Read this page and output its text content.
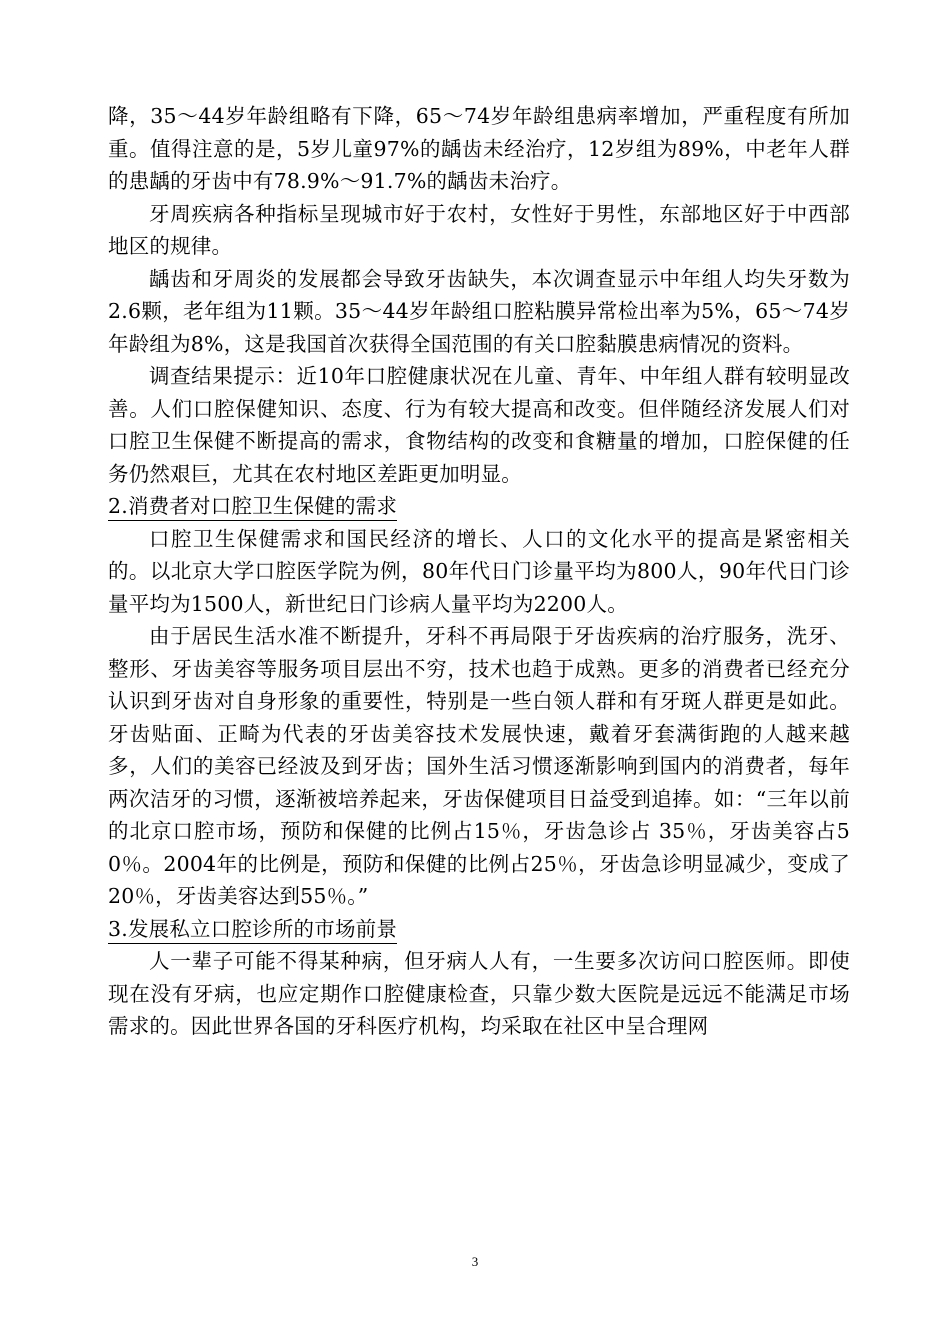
降，35～44岁年龄组略有下降，65～74岁年龄组患病率增加，严重程度有所加重。值得注意的是，5岁儿童97%的龋齿未经治疗，12岁组为89%，中老年人群的患龋的牙齿中有78.9%～91.7%的龋齿未治疗。

牙周疾病各种指标呈现城市好于农村，女性好于男性，东部地区好于中西部地区的规律。

龋齿和牙周炎的发展都会导致牙齿缺失，本次调查显示中年组人均失牙数为2.6颗，老年组为11颗。35～44岁年龄组口腔粘膜异常检出率为5%，65～74岁年龄组为8%，这是我国首次获得全国范围的有关口腔黏膜患病情况的资料。

调查结果提示：近10年口腔健康状况在儿童、青年、中年组人群有较明显改善。人们口腔保健知识、态度、行为有较大提高和改变。但伴随经济发展人们对口腔卫生保健不断提高的需求，食物结构的改变和食糖量的增加，口腔保健的任务仍然艰巨，尤其在农村地区差距更加明显。

2.消费者对口腔卫生保健的需求

口腔卫生保健需求和国民经济的增长、人口的文化水平的提高是紧密相关的。以北京大学口腔医学院为例，80年代日门诊量平均为800人，90年代日门诊量平均为1500人，新世纪日门诊病人量平均为2200人。

由于居民生活水准不断提升，牙科不再局限于牙齿疾病的治疗服务，洗牙、整形、牙齿美容等服务项目层出不穷，技术也趋于成熟。更多的消费者已经充分认识到牙齿对自身形象的重要性，特别是一些白领人群和有牙斑人群更是如此。牙齿贴面、正畸为代表的牙齿美容技术发展快速，戴着牙套满街跑的人越来越多，人们的美容已经波及到牙齿；国外生活习惯逐渐影响到国内的消费者，每年两次洁牙的习惯，逐渐被培养起来，牙齿保健项目日益受到追捧。如：“三年以前的北京口腔市场，预防和保健的比例占15％，牙齿急诊占 35％，牙齿美容占50％。2004年的比例是，预防和保健的比例占25％，牙齿急诊明显减少，变成了20％，牙齿美容达到55％。”

3.发展私立口腔诊所的市场前景

人一辈子可能不得某种病，但牙病人人有，一生要多次访问口腔医师。即使现在没有牙病，也应定期作口腔健康检查，只靠少数大医院是远远不能满足市场需求的。因此世界各国的牙科医疗机构，均采取在社区中呈合理网

3
